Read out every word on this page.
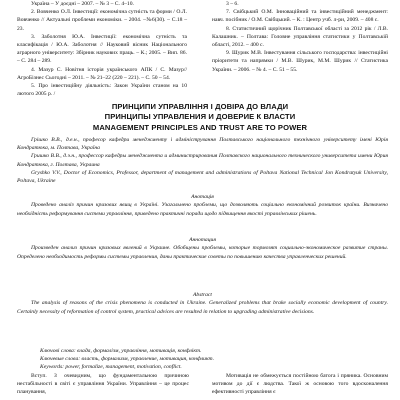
Україна – У доєдні – 2007. – № 3 – С. 4–10.
2. Вовченко О.Л. Інвестиції: економічна сутність та форми / О.Л. Вовченко // Актуальні проблеми економіки. – 2004. –№6(30). – С.18 – 23.
3. Заболотня Ю.А. Інвестиції: економічна сутність та класифікація / Ю.А. Заболотня // Науковий вісник Національного аграрного університету: Збірник наукових праць. – К.; 2005. – Вип. 86. – С. 284 – 289.
4. Мазур С. Новітня історія українського АПК / С. Мазур// АгроБізнес Сьогодні – 2011. – № 21–22 (220 – 221). – С. 50 – 54.
5. Про інвестиційну діяльність: Закон України станом на 10 лютого 2005 р. /
3 – 6.
7. Свібцький О.М. Інноваційний та інвестиційний менеджмент: навч. посібник / О.М. Свібцький. – К. : Центр учб. л-ри, 2009. – 408 с.
8. Статистичний щорічник Полтавської області за 2012 рік / Л.В. Калашник. – Полтава: Головне управління статистики у Полтавській області, 2012. – 400 с.
9. Шурик М.В. Інвестування сільського господарства: інвестиційні пріоритети та напрямки / М.В. Шурик, М.М. Шурик // Статистика України. – 2006. – № 4. – С. 51 – 55.
ПРИНЦИПИ УПРАВЛІННЯ І ДОВІРА ДО ВЛАДИ
ПРИНЦИПЫ УПРАВЛЕНИЯ И ДОВЕРИЕ К ВЛАСТИ
MANAGEMENT PRINCIPLES AND TRUST ARE TO POWER

Грішко В.В., д.е.н., професор кафедри менеджменту і адміністрування Полтавського національного технічного університету імені Юрія Кондратюка, м. Полтава, Україна

Гришко В.В., д.э.н., профессор кафедры менеджмента и администрирования Полтавского национального технического университета имени Юрия Кондратюка, г. Полтава, Украина

Gryshko V.V., Doctor of Economics, Professor, department of management and administrations of Poltava National Technical Jon Kondratyuk University, Poltava, Ukraine

Анотація

Проведено аналіз причин кризових явищ в Україні. Узагальнено проблеми, що дозволяють соціально економічний розвиток країни. Визначено необхідність реформування системи управління, приведено практичні поради щодо підвищення якості управлінських рішень.

Аннотация

Произведен анализ причин кризовых явлений в Украине. Обобщены проблемы, которые тормозят социально-экономическое развитие страны. Определено необходимость реформы системы управления, даны практические советы по повышению качества управленческих решений.

Abstract

The analysis of reasons of the crisis phenomena is conducted in Ukraine. Generalized problems that brake socially economic development of country. Certainly necessity of reformation of control system, practical advices are resulted in relation to upgrading administrative decisions.

Ключові слова: влада, формалізм, управління, мотивація, конфлікт.
Ключевые слова: власть, формализм, управление, мотивация, конфликт.
Keywords: power, formalize, management, motivation, conflict.
Вступ. З очевидним, що фундаментальною причиною нестабільності в світі є управління України. Управління – це процес планування,
Мотивація не обмежується постійною батога і пряника. Основним мотивом до дії є людства. Такої ж основою того вдосконалення ефективності управління є
